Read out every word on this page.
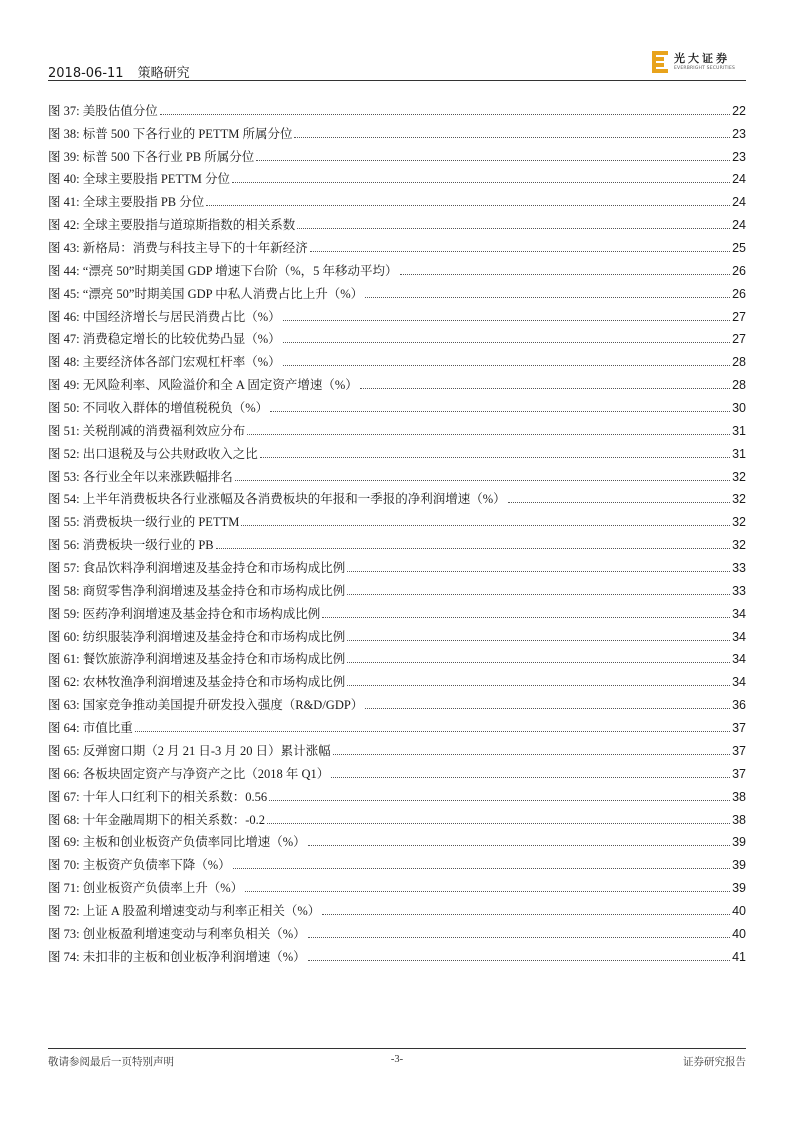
2018-06-11 策略研究
光大证券
EVERBRIGHT SECURITIES
图 37: 美股估值分位	22
图 38: 标普 500 下各行业的 PETTM 所属分位	23
图 39: 标普 500 下各行业 PB 所属分位	23
图 40: 全球主要股指 PETTM 分位	24
图 41: 全球主要股指 PB 分位	24
图 42: 全球主要股指与道琼斯指数的相关系数	24
图 43: 新格局：消费与科技主导下的十年新经济	25
图 44: “漂亮 50”时期美国 GDP 增速下台阶（%，5 年移动平均）	26
图 45: “漂亮 50”时期美国 GDP 中私人消费占比上升（%）	26
图 46: 中国经济增长与居民消费占比（%）	27
图 47: 消费稳定增长的比较优势凸显（%）	27
图 48: 主要经济体各部门宏观杠杆率（%）	28
图 49: 无风险利率、风险溢价和全 A 固定资产增速（%）	28
图 50: 不同收入群体的增值税税负（%）	30
图 51: 关税削减的消费福利效应分布	31
图 52: 出口退税及与公共财政收入之比	31
图 53: 各行业全年以来涨跌幅排名	32
图 54: 上半年消费板块各行业涨幅及各消费板块的年报和一季报的净利润增速（%）	32
图 55: 消费板块一级行业的 PETTM	32
图 56: 消费板块一级行业的 PB	32
图 57: 食品饮料净利润增速及基金持仓和市场构成比例	33
图 58: 商贸零售净利润增速及基金持仓和市场构成比例	33
图 59: 医药净利润增速及基金持仓和市场构成比例	34
图 60: 纺织服装净利润增速及基金持仓和市场构成比例	34
图 61: 餐饮旅游净利润增速及基金持仓和市场构成比例	34
图 62: 农林牧渔净利润增速及基金持仓和市场构成比例	34
图 63: 国家竞争推动美国提升研发投入强度（R&D/GDP）	36
图 64: 市值比重	37
图 65: 反弹窗口期（2 月 21 日-3 月 20 日）累计涨幅	37
图 66: 各板块固定资产与净资产之比（2018 年 Q1）	37
图 67: 十年人口红利下的相关系数：0.56	38
图 68: 十年金融周期下的相关系数：-0.2	38
图 69: 主板和创业板资产负债率同比增速（%）	39
图 70: 主板资产负债率下降（%）	39
图 71: 创业板资产负债率上升（%）	39
图 72: 上证 A 股盈利增速变动与利率正相关（%）	40
图 73: 创业板盈利增速变动与利率负相关（%）	40
图 74: 未扣非的主板和创业板净利润增速（%）	41
敬请参阅最后一页特别声明	-3-	证券研究报告
